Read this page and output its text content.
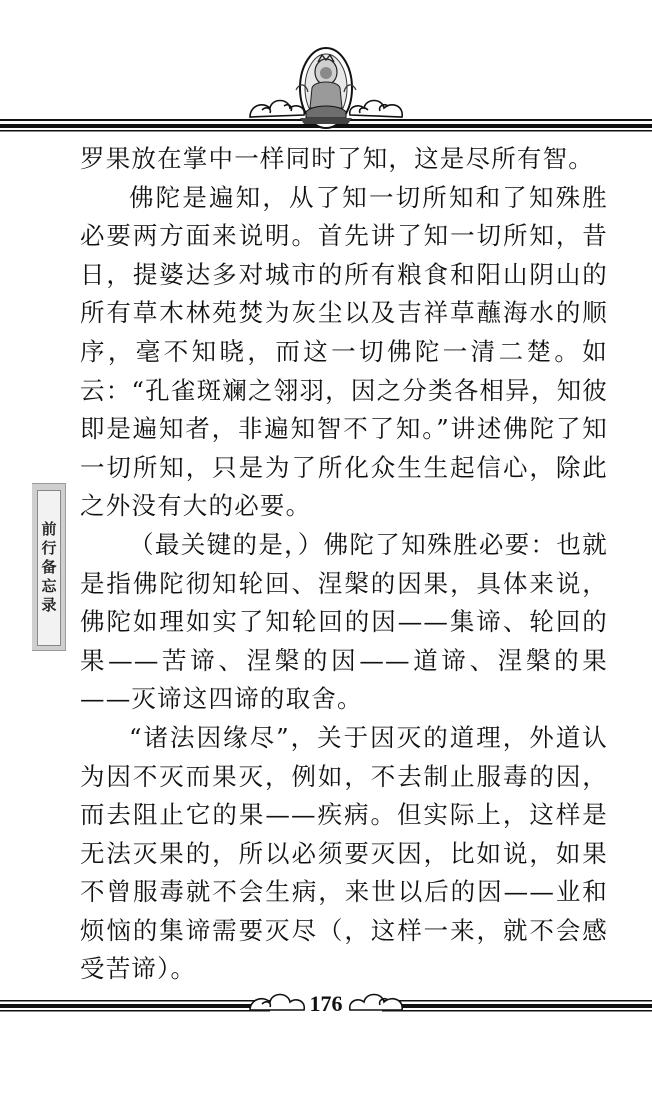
罗果放在掌中一样同时了知，这是尽所有智。

佛陀是遍知，从了知一切所知和了知殊胜必要两方面来说明。首先讲了知一切所知，昔日，提婆达多对城市的所有粮食和阳山阴山的所有草木林苑焚为灰尘以及吉祥草蘸海水的顺序，毫不知晓，而这一切佛陀一清二楚。如云：“孔雀斑斓之翎羽，因之分类各相异，知彼即是遍知者，非遍知智不了知。”讲述佛陀了知一切所知，只是为了所化众生生起信心，除此之外没有大的必要。

（最关键的是，）佛陀了知殊胜必要：也就是指佛陀彻知轮回、涅槃的因果，具体来说，佛陀如理如实了知轮回的因——集谛、轮回的果——苦谛、涅槃的因——道谛、涅槃的果——灭谛这四谛的取舍。

“诸法因缘尽”，关于因灭的道理，外道认为因不灭而果灭，例如，不去制止服毒的因，而去阻止它的果——疾病。但实际上，这样是无法灭果的，所以必须要灭因，比如说，如果不曾服毒就不会生病，来世以后的因——业和烦恼的集谛需要灭尽（，这样一来，就不会感受苦谛）。

前行备忘录
176
